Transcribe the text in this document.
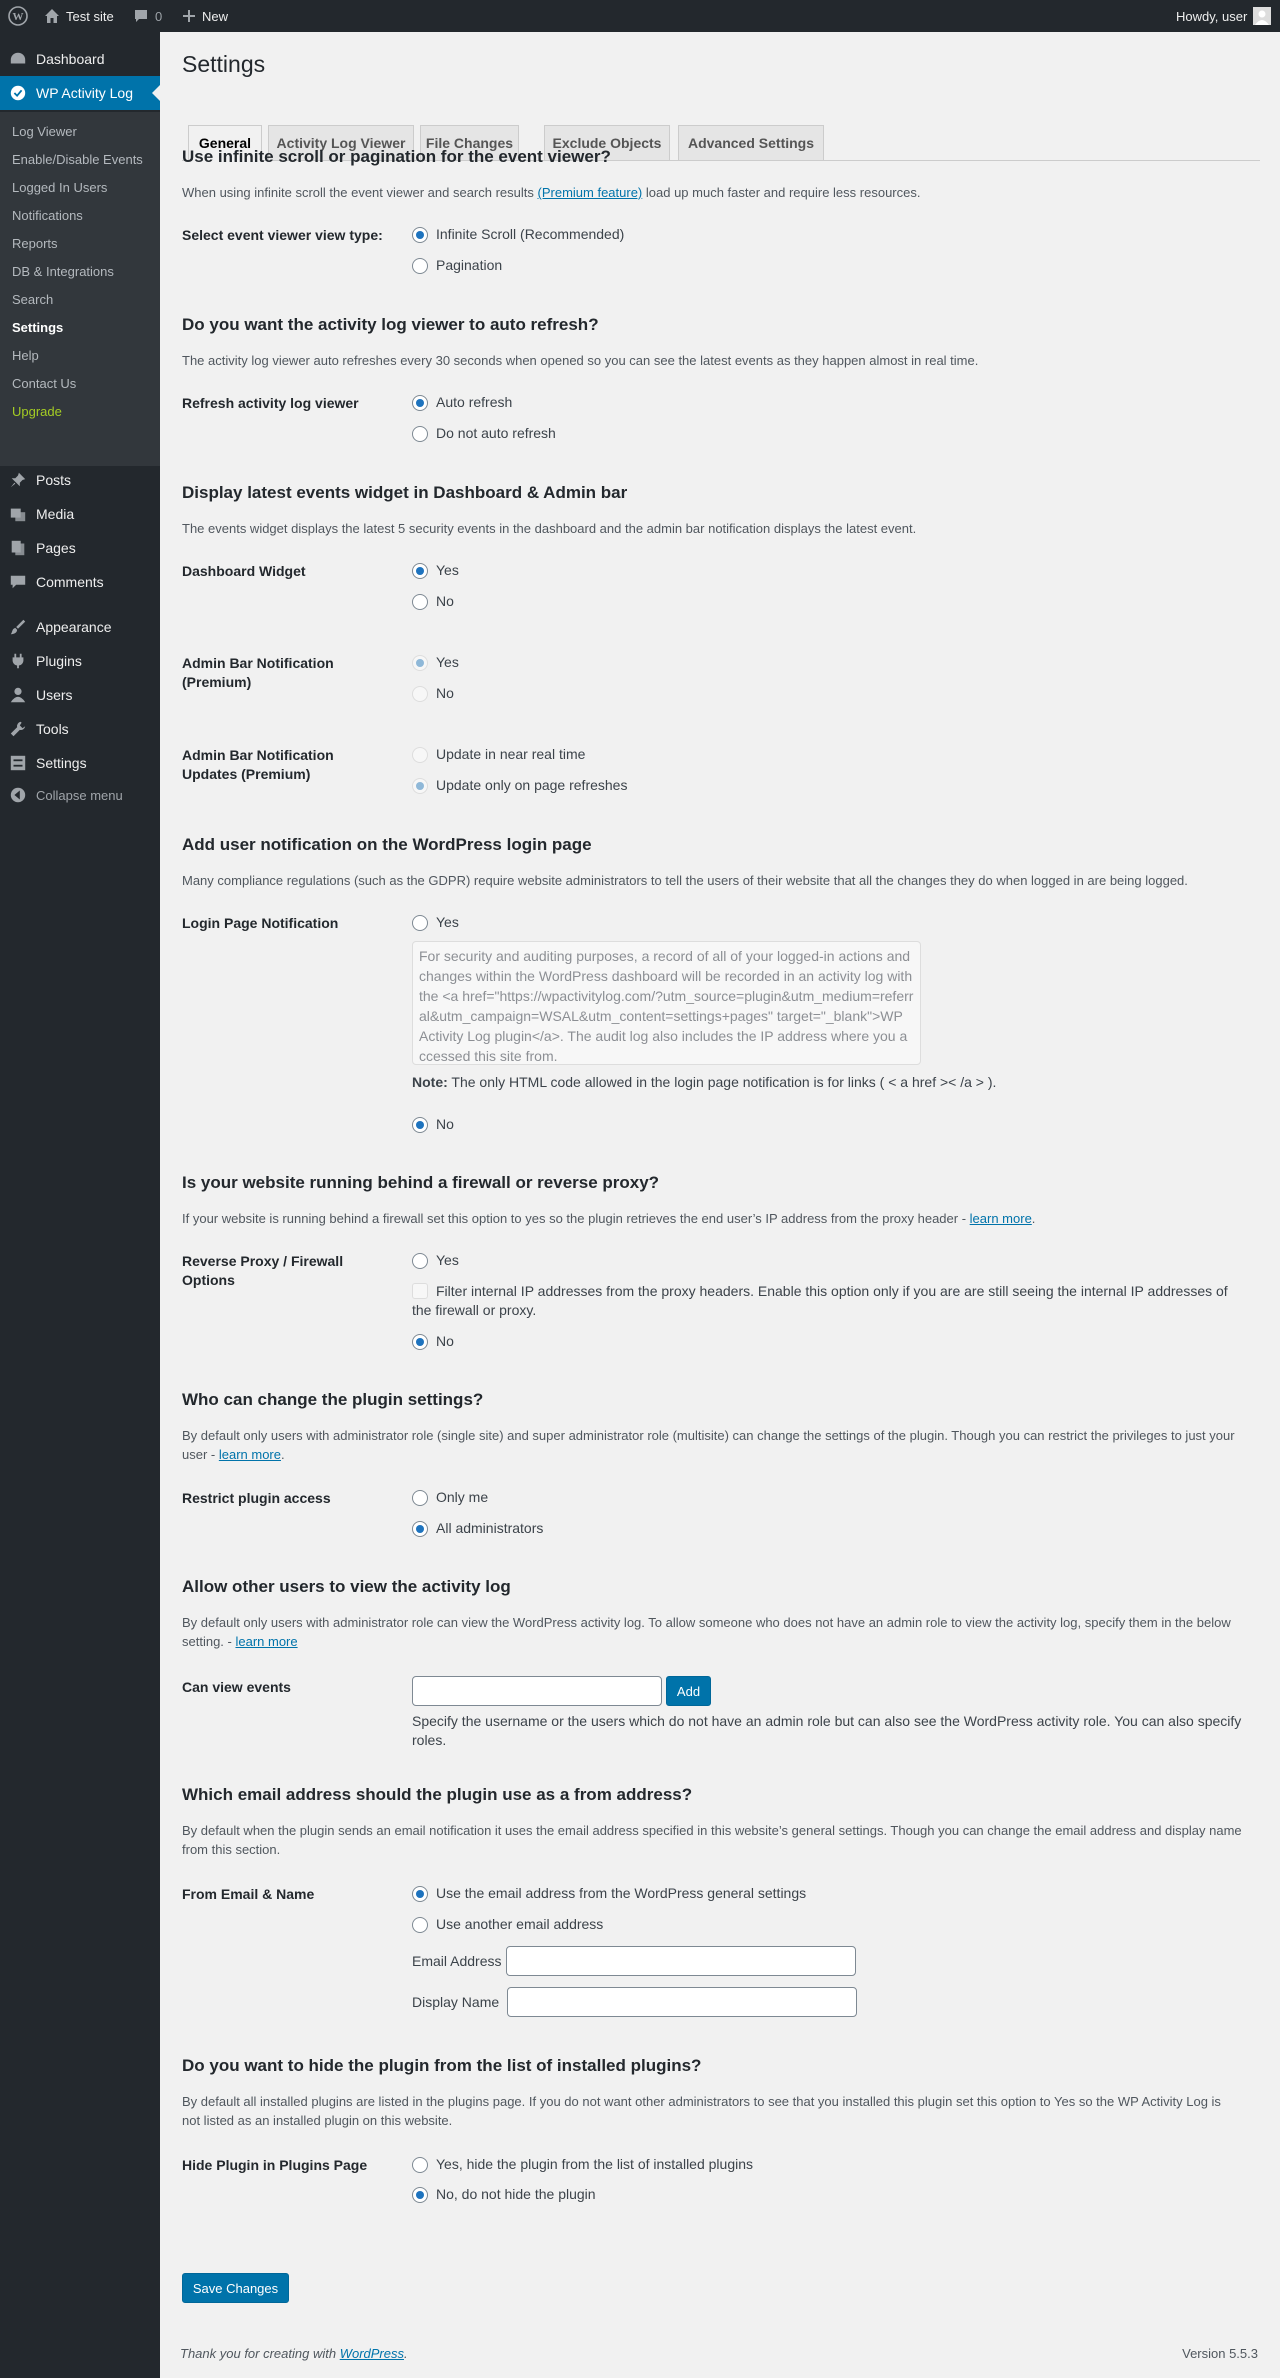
W	Test site	0	New	Howdy, user
Dashboard
WP Activity Log
Log Viewer
Enable/Disable Events
Logged In Users
Notifications
Reports
DB & Integrations
Search
Settings
Help
Contact Us
Upgrade
Posts
Media
Pages
Comments
Appearance
Plugins
Users
Tools
Settings
Collapse menu
Settings
General	Activity Log Viewer	File Changes	Exclude Objects	Advanced Settings
Use infinite scroll or pagination for the event viewer?
When using infinite scroll the event viewer and search results (Premium feature) load up much faster and require less resources.
Select event viewer view type:	Infinite Scroll (Recommended)
Pagination
Do you want the activity log viewer to auto refresh?
The activity log viewer auto refreshes every 30 seconds when opened so you can see the latest events as they happen almost in real time.
Refresh activity log viewer	Auto refresh
Do not auto refresh
Display latest events widget in Dashboard & Admin bar
The events widget displays the latest 5 security events in the dashboard and the admin bar notification displays the latest event.
Dashboard Widget	Yes
No
Admin Bar Notification (Premium)
Yes
No
Admin Bar Notification Updates (Premium)
Update in near real time
Update only on page refreshes
Add user notification on the WordPress login page
Many compliance regulations (such as the GDPR) require website administrators to tell the users of their website that all the changes they do when logged in are being logged.
Login Page Notification	Yes
For security and auditing purposes, a record of all of your logged-in actions and changes within the WordPress dashboard will be recorded in an activity log with the <a href="https://wpactivitylog.com/?utm_source=plugin&utm_medium=referral&utm_campaign=WSAL&utm_content=settings+pages" target="_blank">WP Activity Log plugin</a>. The audit log also includes the IP address where you accessed this site from.
Note: The only HTML code allowed in the login page notification is for links ( < a href >< /a > ).
No
Is your website running behind a firewall or reverse proxy?
If your website is running behind a firewall set this option to yes so the plugin retrieves the end user’s IP address from the proxy header - learn more.
Reverse Proxy / Firewall Options
Yes
Filter internal IP addresses from the proxy headers. Enable this option only if you are are still seeing the internal IP addresses of the firewall or proxy.
No
Who can change the plugin settings?
By default only users with administrator role (single site) and super administrator role (multisite) can change the settings of the plugin. Though you can restrict the privileges to just your user - learn more.
Restrict plugin access	Only me
All administrators
Allow other users to view the activity log
By default only users with administrator role can view the WordPress activity log. To allow someone who does not have an admin role to view the activity log, specify them in the below setting. - learn more
Can view events	Add
Specify the username or the users which do not have an admin role but can also see the WordPress activity role. You can also specify roles.
Which email address should the plugin use as a from address?
By default when the plugin sends an email notification it uses the email address specified in this website’s general settings. Though you can change the email address and display name from this section.
From Email & Name	Use the email address from the WordPress general settings
Use another email address
Email Address
Display Name
Do you want to hide the plugin from the list of installed plugins?
By default all installed plugins are listed in the plugins page. If you do not want other administrators to see that you installed this plugin set this option to Yes so the WP Activity Log is not listed as an installed plugin on this website.
Hide Plugin in Plugins Page	Yes, hide the plugin from the list of installed plugins
No, do not hide the plugin
Save Changes
Thank you for creating with WordPress.	Version 5.5.3
